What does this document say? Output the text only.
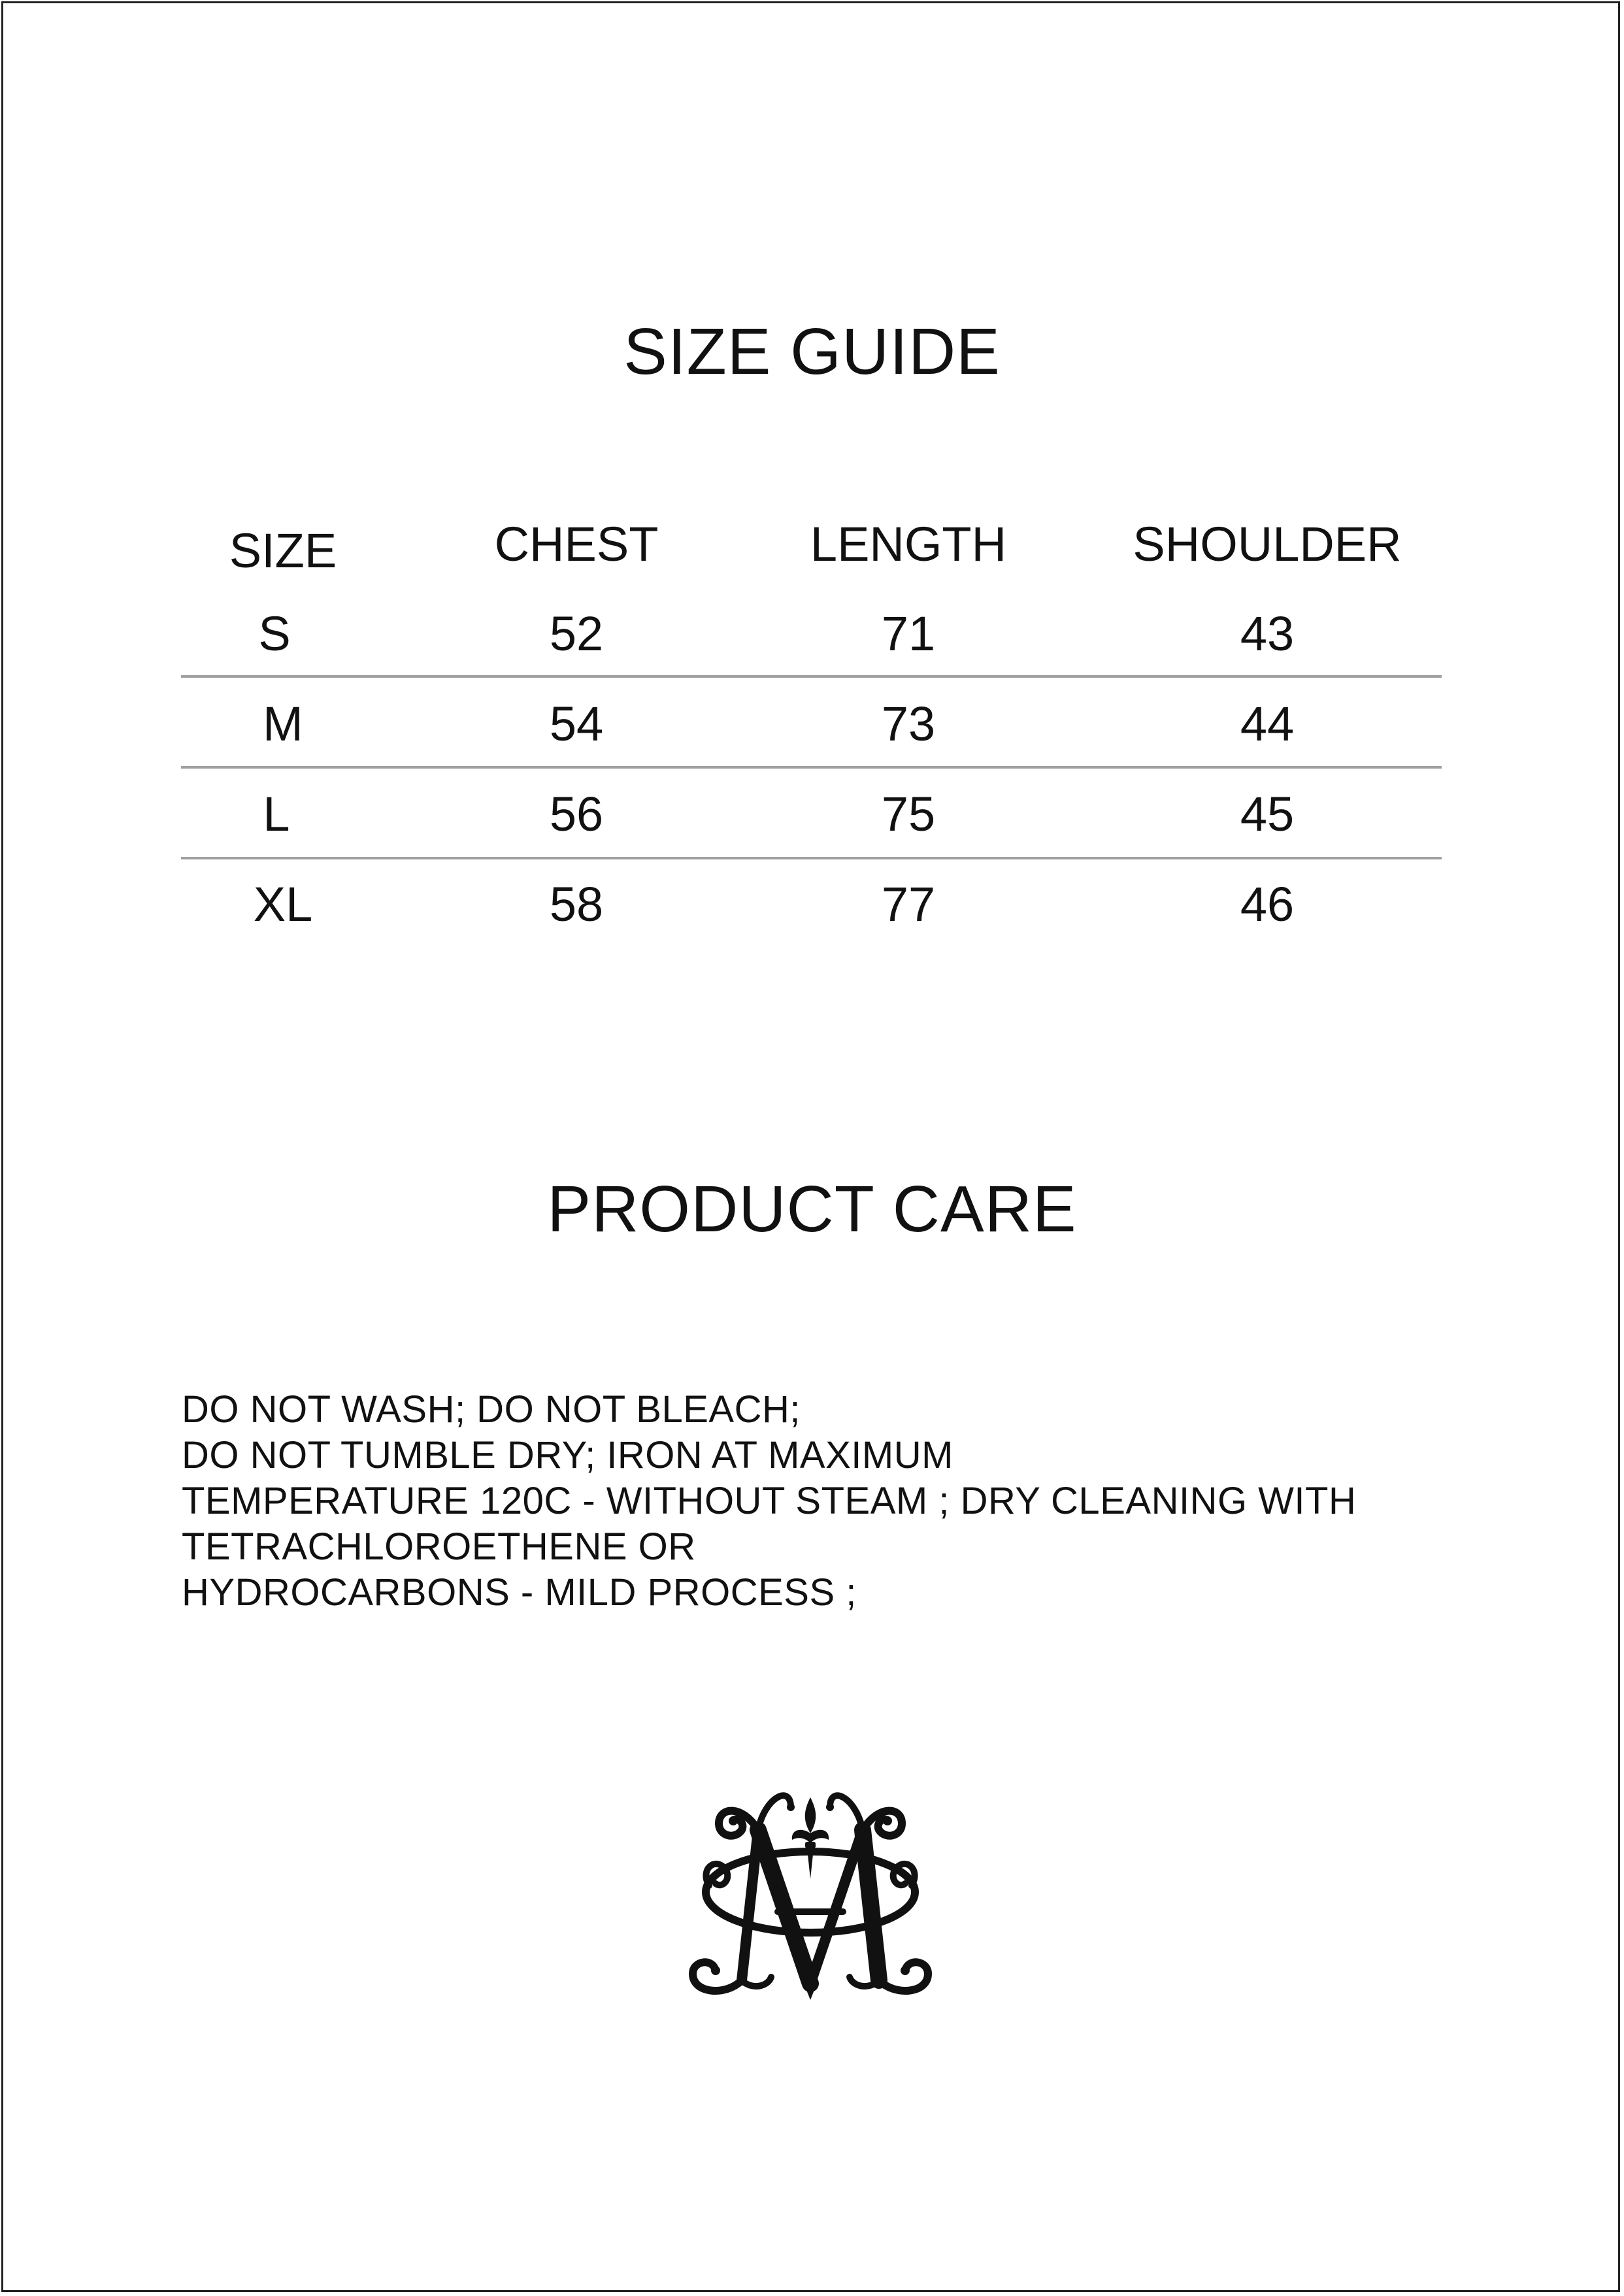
SIZE GUIDE
SIZE	CHEST	LENGTH	SHOULDER
S	52	71	43
M	54	73	44
L	56	75	45
XL	58	77	46
PRODUCT CARE
DO NOT WASH; DO NOT BLEACH;
DO NOT TUMBLE DRY; IRON AT MAXIMUM
TEMPERATURE 120C - WITHOUT STEAM ; DRY CLEANING WITH
TETRACHLOROETHENE OR
HYDROCARBONS - MILD PROCESS ;
